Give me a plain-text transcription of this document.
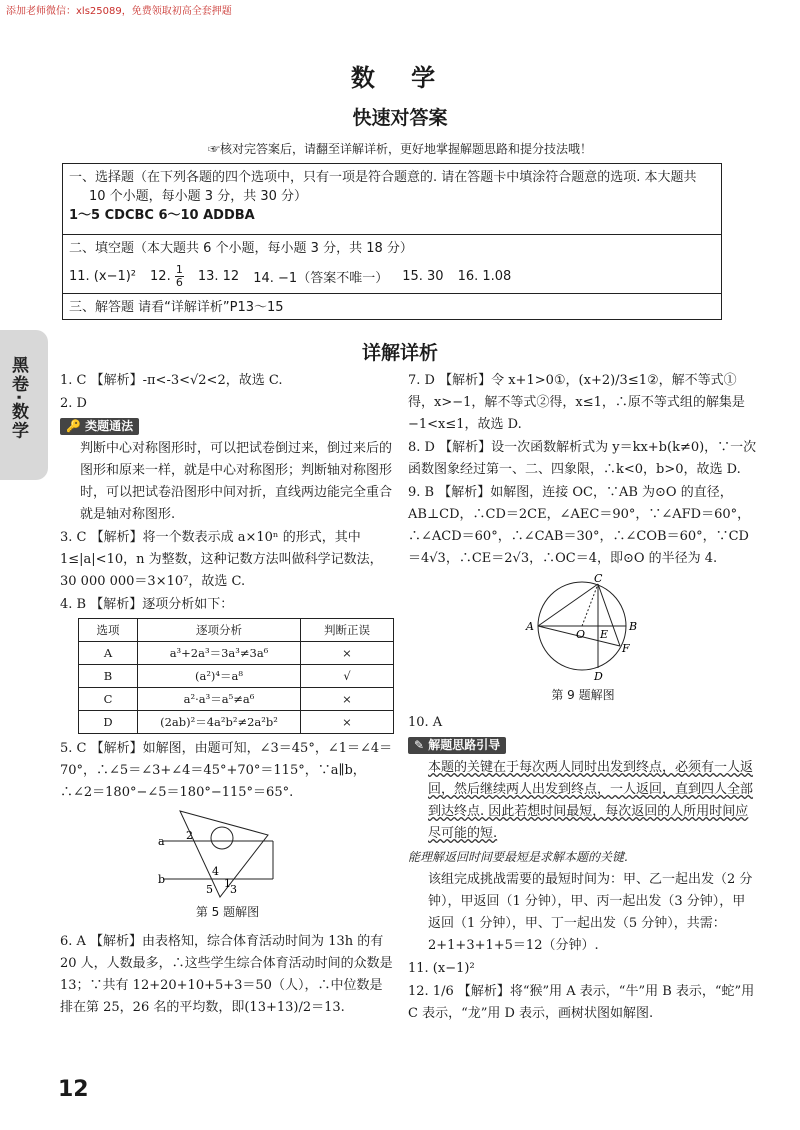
添加老师微信：xls25089，免费领取初高全套押题
数 学
快速对答案
☞核对完答案后，请翻至详解详析，更好地掌握解题思路和提分技法哦！
一、选择题（在下列各题的四个选项中，只有一项是符合题意的. 请在答题卡中填涂符合题意的选项. 本大题共
10 个小题，每小题 3 分，共 30 分）
1～5 CDCBC 6～10 ADDBA
二、填空题（本大题共 6 个小题，每小题 3 分，共 18 分）
11. (x−1)² 12. $\frac{1}{6} 13$. 12 14. −1（答案不唯一） 15. 30 16. 1.08
三、解答题 请看“详解详析”P13～15
黑卷·数学
详解详析
1. C 【解析】-π<-3<√2<2，故选 C.
2. D
🔑 类题通法
判断中心对称图形时，可以把试卷倒过来，倒过来后的图形和原来一样，就是中心对称图形；判断轴对称图形时，可以把试卷沿图形中间对折，直线两边能完全重合就是轴对称图形.
3. C 【解析】将一个数表示成 a×10ⁿ 的形式，其中 1≤|a|<10，n 为整数，这种记数方法叫做科学记数法，30 000 000＝3×10⁷，故选 C.
4. B 【解析】逐项分析如下：
选项	逐项分析	判断正误
A	a³+2a³＝3a³≠3a⁶	×
B	(a²)⁴＝a⁸	√
C	a²·a³＝a⁵≠a⁶	×
D	(2ab)²＝4a²b²≠2a²b²	×
5. C 【解析】如解图，由题可知，∠3＝45°，∠1＝∠4＝70°，∴∠5＝∠3+∠4＝45°+70°＝115°，∵a∥b，∴∠2＝180°−∠5＝180°−115°＝65°.
a
b
2
4
5 3
1
第 5 题解图
6. A 【解析】由表格知，综合体育活动时间为 13h 的有 20 人，人数最多，∴这些学生综合体育活动时间的众数是 13；∵共有 12+20+10+5+3＝50（人），∴中位数是排在第 25，26 名的平均数，即(13+13)/2＝13.
7. D 【解析】令 x+1>0①，(x+2)/3≤1②，解不等式①得，x>−1，解不等式②得，x≤1，∴原不等式组的解集是 −1<x≤1，故选 D.
8. D 【解析】设一次函数解析式为 y＝kx+b(k≠0)，∵一次函数图象经过第一、二、四象限，∴k<0，b>0，故选 D.
9. B 【解析】如解图，连接 OC，∵AB 为⊙O 的直径，AB⊥CD，∴CD＝2CE，∠AEC＝90°，∵∠AFD＝60°，∴∠ACD＝60°，∴∠CAB＝30°，∴∠COB＝60°，∵CD＝4√3，∴CE＝2√3，∴OC＝4，即⊙O 的半径为 4.
C
A
O E
B
F
D
第 9 题解图
10. A
✎ 解题思路引导
本题的关键在于每次两人同时出发到终点，必须有一人返回，然后继续两人出发到终点，一人返回，直到四人全部到达终点. 因此若想时间最短，每次返回的人所用时间应尽可能的短.
能理解返回时间要最短是求解本题的关键.
该组完成挑战需要的最短时间为：甲、乙一起出发（2 分钟），甲返回（1 分钟），甲、丙一起出发（3 分钟），甲返回（1 分钟），甲、丁一起出发（5 分钟），共需：2+1+3+1+5＝12（分钟）.
11. (x−1)²
12. 1/6 【解析】将“猴”用 A 表示，“牛”用 B 表示，“蛇”用 C 表示，“龙”用 D 表示，画树状图如解图.
12
